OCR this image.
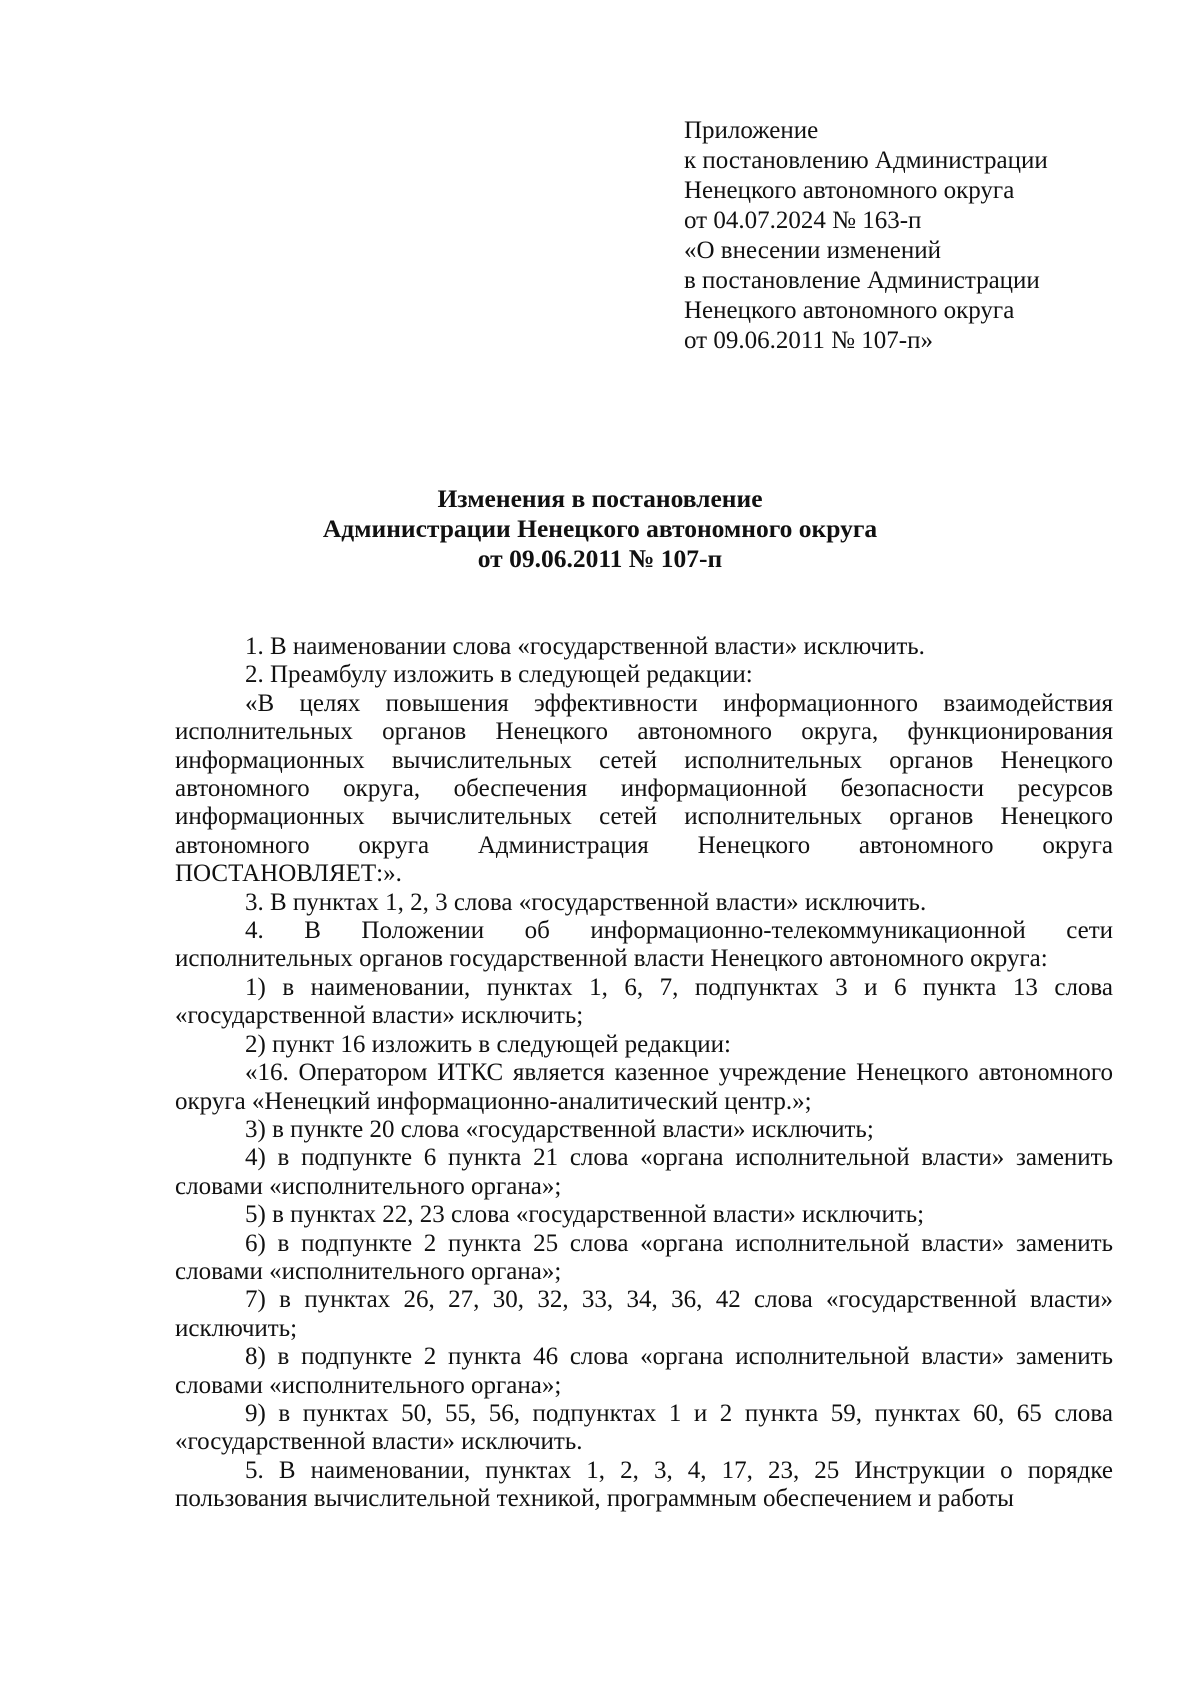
Приложение
к постановлению Администрации
Ненецкого автономного округа
от 04.07.2024 № 163-п
«О внесении изменений
в постановление Администрации
Ненецкого автономного округа
от 09.06.2011 № 107-п»
Изменения в постановление
Администрации Ненецкого автономного округа
от 09.06.2011 № 107-п

1. В наименовании слова «государственной власти» исключить.

2. Преамбулу изложить в следующей редакции:

«В целях повышения эффективности информационного взаимодействия исполнительных органов Ненецкого автономного округа, функционирования информационных вычислительных сетей исполнительных органов Ненецкого автономного округа, обеспечения информационной безопасности ресурсов информационных вычислительных сетей исполнительных органов Ненецкого автономного округа Администрация Ненецкого автономного округа ПОСТАНОВЛЯЕТ:».

3. В пунктах 1, 2, 3 слова «государственной власти» исключить.

4. В Положении об информационно-телекоммуникационной сети исполнительных органов государственной власти Ненецкого автономного округа:

1) в наименовании, пунктах 1, 6, 7, подпунктах 3 и 6 пункта 13 слова «государственной власти» исключить;

2) пункт 16 изложить в следующей редакции:

«16. Оператором ИТКС является казенное учреждение Ненецкого автономного округа «Ненецкий информационно-аналитический центр.»;

3) в пункте 20 слова «государственной власти» исключить;

4) в подпункте 6 пункта 21 слова «органа исполнительной власти» заменить словами «исполнительного органа»;

5) в пунктах 22, 23 слова «государственной власти» исключить;

6) в подпункте 2 пункта 25 слова «органа исполнительной власти» заменить словами «исполнительного органа»;

7) в пунктах 26, 27, 30, 32, 33, 34, 36, 42 слова «государственной власти» исключить;

8) в подпункте 2 пункта 46 слова «органа исполнительной власти» заменить словами «исполнительного органа»;

9) в пунктах 50, 55, 56, подпунктах 1 и 2 пункта 59, пунктах 60, 65 слова «государственной власти» исключить.

5. В наименовании, пунктах 1, 2, 3, 4, 17, 23, 25 Инструкции о порядке пользования вычислительной техникой, программным обеспечением и работы
